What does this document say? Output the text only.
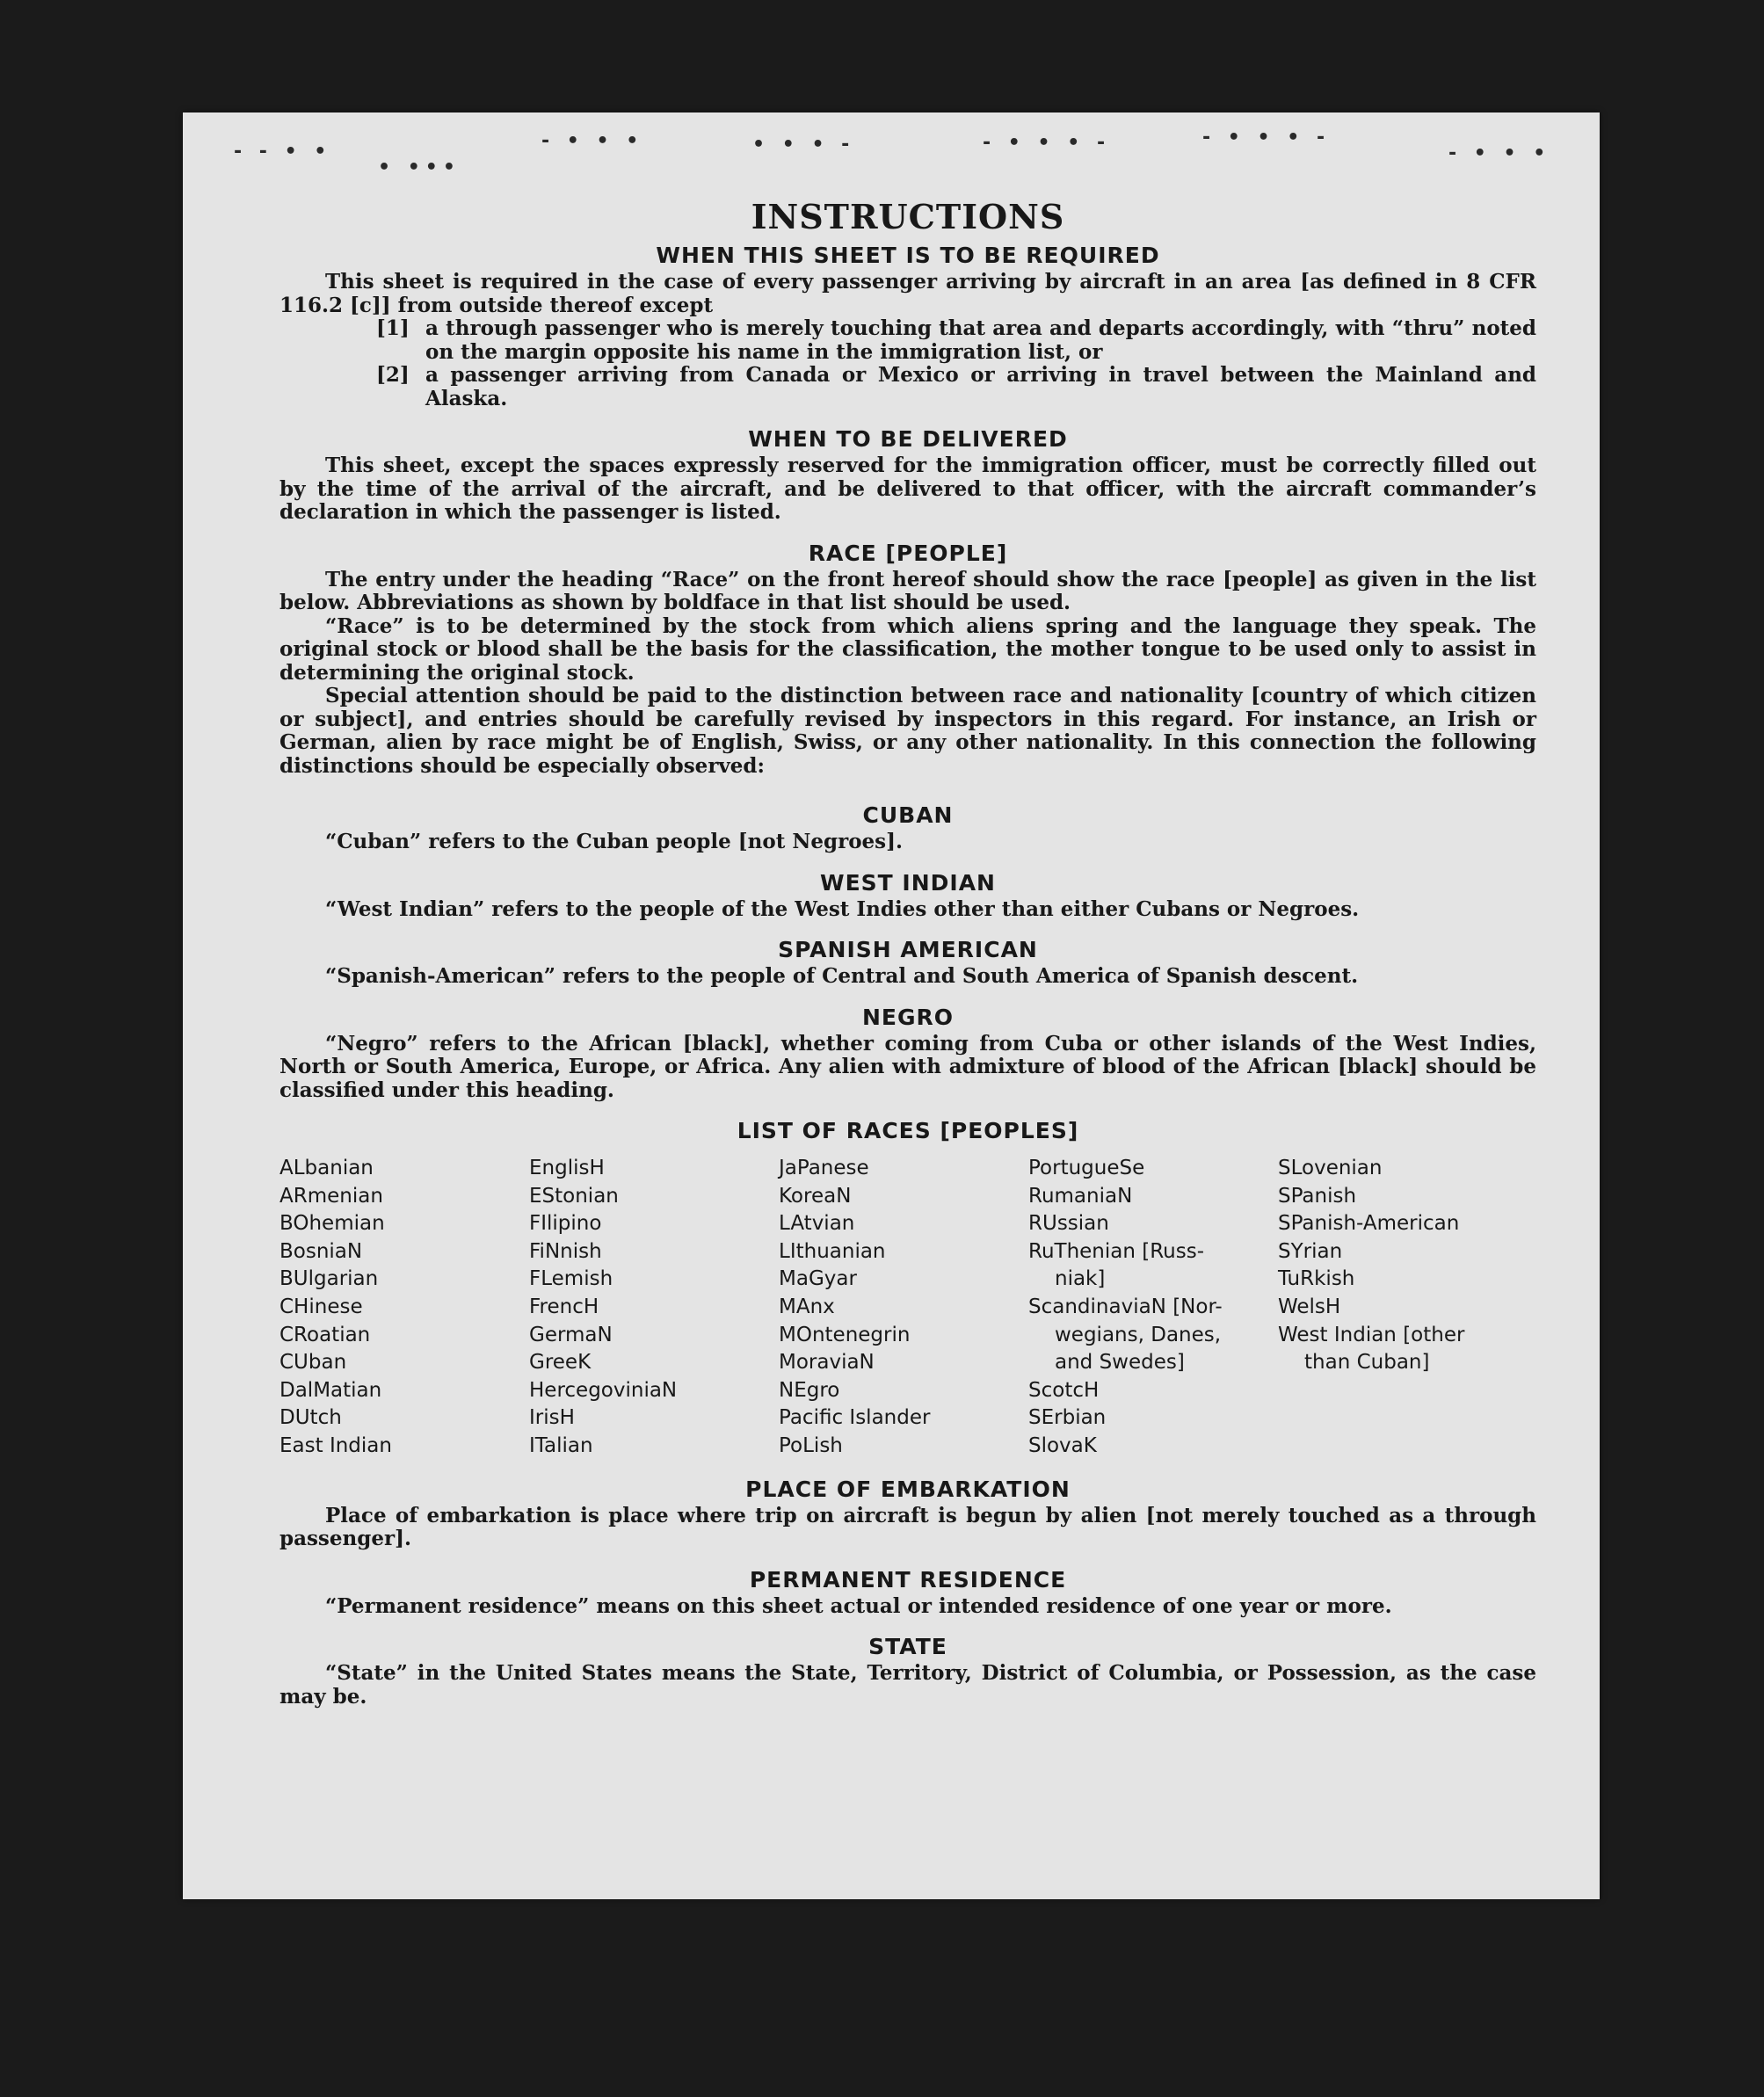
- - • •	- • • •	• • • -	- • • • -	- • • • -
- • • •
• •••
INSTRUCTIONS
WHEN THIS SHEET IS TO BE REQUIRED

This sheet is required in the case of every passenger arriving by aircraft in an area [as defined in 8 CFR 116.2 [c]] from outside thereof except

[1] a through passenger who is merely touching that area and departs accordingly, with “thru” noted on the margin opposite his name in the immigration list, or
[2] a passenger arriving from Canada or Mexico or arriving in travel between the Mainland and Alaska.
WHEN TO BE DELIVERED

This sheet, except the spaces expressly reserved for the immigration officer, must be correctly filled out by the time of the arrival of the aircraft, and be delivered to that officer, with the aircraft commander’s declaration in which the passenger is listed.

RACE [PEOPLE]

The entry under the heading “Race” on the front hereof should show the race [people] as given in the list below. Abbreviations as shown by boldface in that list should be used.

“Race” is to be determined by the stock from which aliens spring and the language they speak. The original stock or blood shall be the basis for the classification, the mother tongue to be used only to assist in determining the original stock.

Special attention should be paid to the distinction between race and nationality [country of which citizen or subject], and entries should be carefully revised by inspectors in this regard. For instance, an Irish or German, alien by race might be of English, Swiss, or any other nationality. In this connection the following distinctions should be especially observed:

CUBAN

“Cuban” refers to the Cuban people [not Negroes].

WEST INDIAN

“West Indian” refers to the people of the West Indies other than either Cubans or Negroes.

SPANISH AMERICAN

“Spanish-American” refers to the people of Central and South America of Spanish descent.

NEGRO

“Negro” refers to the African [black], whether coming from Cuba or other islands of the West Indies, North or South America, Europe, or Africa. Any alien with admixture of blood of the African [black] should be classified under this heading.

LIST OF RACES [PEOPLES]
ALbanian
ARmenian
BOhemian
BosniaN
BUlgarian
CHinese
CRoatian
CUban
DalMatian
DUtch
East Indian
EnglisH
EStonian
FIlipino
FiNnish
FLemish
FrencH
GermaN
GreeK
HercegoviniaN
IrisH
ITalian
JaPanese
KoreaN
LAtvian
LIthuanian
MaGyar
MAnx
MOntenegrin
MoraviaN
NEgro
Pacific Islander
PoLish
PortugueSe
RumaniaN
RUssian
RuThenian [Russ-
niak]
ScandinaviaN [Nor-
wegians, Danes,
and Swedes]
ScotcH
SErbian
SlovaK
SLovenian
SPanish
SPanish-American
SYrian
TuRkish
WelsH
West Indian [other
than Cuban]
PLACE OF EMBARKATION

Place of embarkation is place where trip on aircraft is begun by alien [not merely touched as a through passenger].

PERMANENT RESIDENCE

“Permanent residence” means on this sheet actual or intended residence of one year or more.

STATE

“State” in the United States means the State, Territory, District of Columbia, or Possession, as the case may be.
